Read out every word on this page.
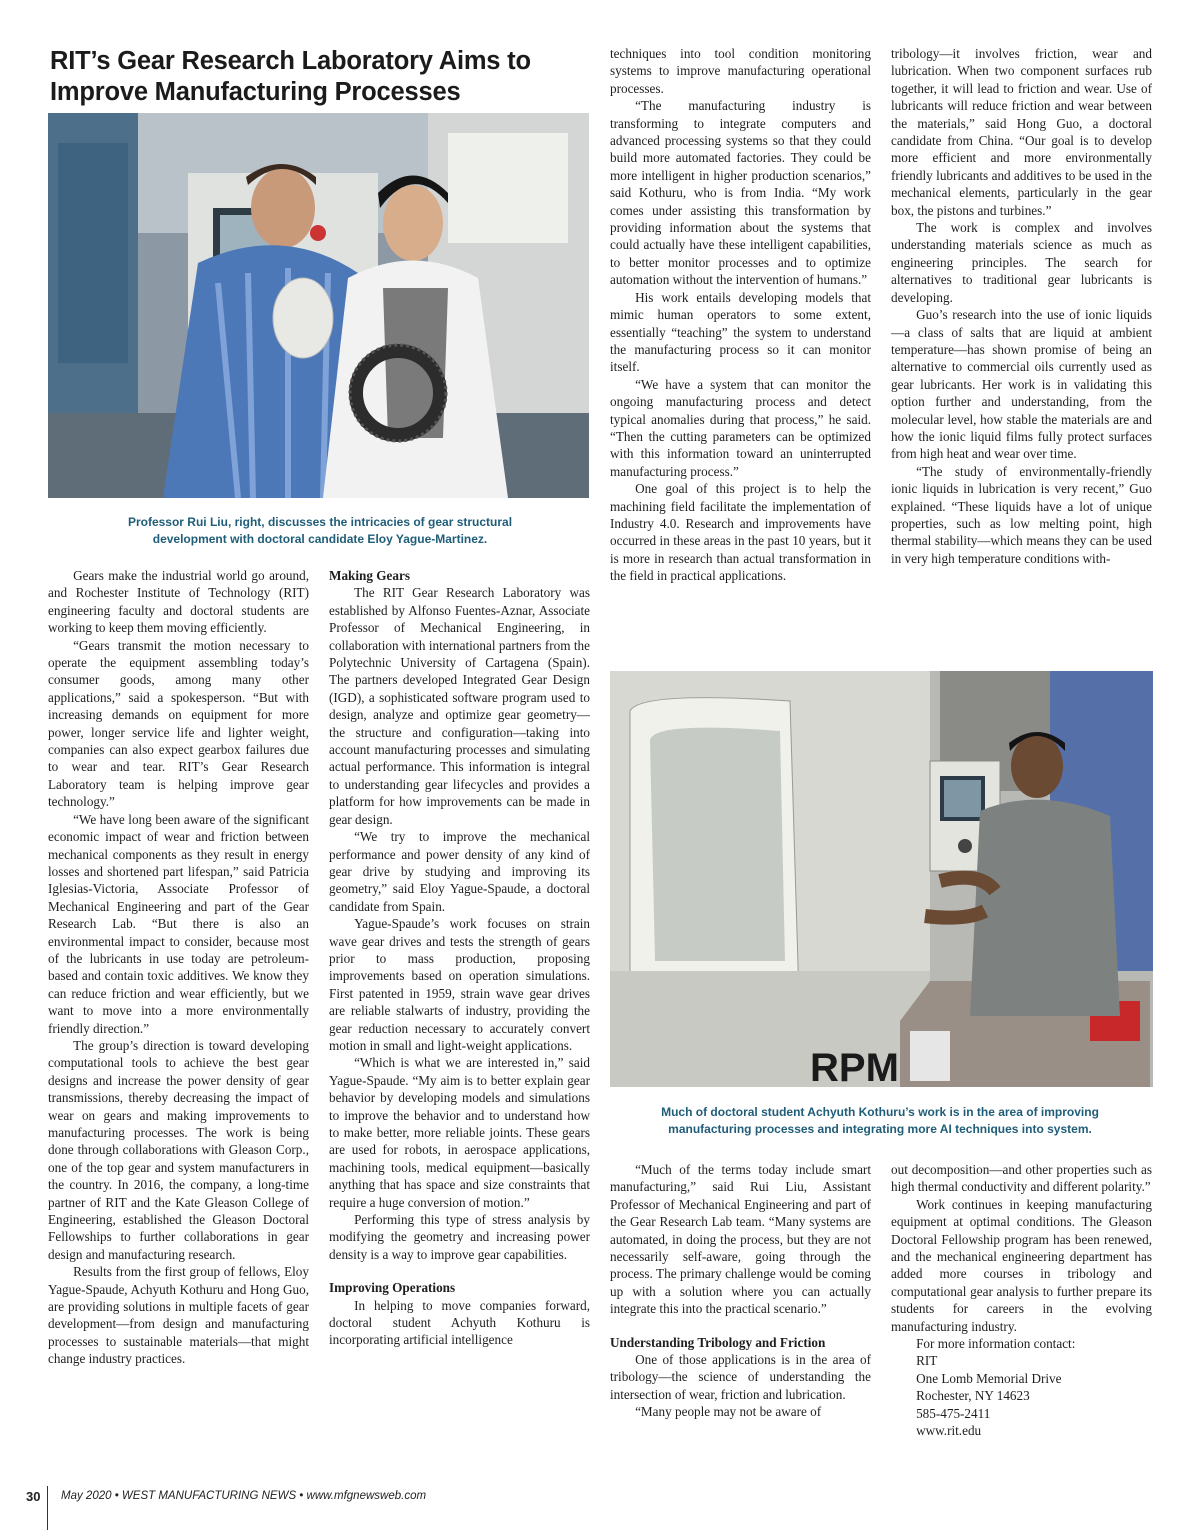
RIT’s Gear Research Laboratory Aims to Improve Manufacturing Processes
Professor Rui Liu, right, discusses the intricacies of gear structural development with doctoral candidate Eloy Yague-Martinez.

Gears make the industrial world go around, and Rochester Institute of Technology (RIT) engineering faculty and doctoral students are working to keep them moving efficiently.

“Gears transmit the motion necessary to operate the equipment assembling today’s consumer goods, among many other applications,” said a spokesperson. “But with increasing demands on equipment for more power, longer service life and lighter weight, companies can also expect gearbox failures due to wear and tear. RIT’s Gear Research Laboratory team is helping improve gear technology.”

“We have long been aware of the significant economic impact of wear and friction between mechanical components as they result in energy losses and shortened part lifespan,” said Patricia Iglesias-Victoria, Associate Professor of Mechanical Engineering and part of the Gear Research Lab. “But there is also an environmental impact to consider, because most of the lubricants in use today are petroleum-based and contain toxic additives. We know they can reduce friction and wear efficiently, but we want to move into a more environmentally friendly direction.”

The group’s direction is toward developing computational tools to achieve the best gear designs and increase the power density of gear transmissions, thereby decreasing the impact of wear on gears and making improvements to manufacturing processes. The work is being done through collaborations with Gleason Corp., one of the top gear and system manufacturers in the country. In 2016, the company, a long-time partner of RIT and the Kate Gleason College of Engineering, established the Gleason Doctoral Fellowships to further collaborations in gear design and manufacturing research.

Results from the first group of fellows, Eloy Yague-Spaude, Achyuth Kothuru and Hong Guo, are providing solutions in multiple facets of gear development—from design and manufacturing processes to sustainable materials—that might change industry practices.

Making Gears

The RIT Gear Research Laboratory was established by Alfonso Fuentes-Aznar, Associate Professor of Mechanical Engineering, in collaboration with international partners from the Polytechnic University of Cartagena (Spain). The partners developed Integrated Gear Design (IGD), a sophisticated software program used to design, analyze and optimize gear geometry—the structure and configuration—taking into account manufacturing processes and simulating actual performance. This information is integral to understanding gear lifecycles and provides a platform for how improvements can be made in gear design.

“We try to improve the mechanical performance and power density of any kind of gear drive by studying and improving its geometry,” said Eloy Yague-Spaude, a doctoral candidate from Spain.

Yague-Spaude’s work focuses on strain wave gear drives and tests the strength of gears prior to mass production, proposing improvements based on operation simulations. First patented in 1959, strain wave gear drives are reliable stalwarts of industry, providing the gear reduction necessary to accurately convert motion in small and light-weight applications.

“Which is what we are interested in,” said Yague-Spaude. “My aim is to better explain gear behavior by developing models and simulations to improve the behavior and to understand how to make better, more reliable joints. These gears are used for robots, in aerospace applications, machining tools, medical equipment—basically anything that has space and size constraints that require a huge conversion of motion.”

Performing this type of stress analysis by modifying the geometry and increasing power density is a way to improve gear capabilities.

Improving Operations

In helping to move companies forward, doctoral student Achyuth Kothuru is incorporating artificial intelligence

techniques into tool condition monitoring systems to improve manufacturing operational processes.

“The manufacturing industry is transforming to integrate computers and advanced processing systems so that they could build more automated factories. They could be more intelligent in higher production scenarios,” said Kothuru, who is from India. “My work comes under assisting this transformation by providing information about the systems that could actually have these intelligent capabilities, to better monitor processes and to optimize automation without the intervention of humans.”

His work entails developing models that mimic human operators to some extent, essentially “teaching” the system to understand the manufacturing process so it can monitor itself.

“We have a system that can monitor the ongoing manufacturing process and detect typical anomalies during that process,” he said. “Then the cutting parameters can be optimized with this information toward an uninterrupted manufacturing process.”

One goal of this project is to help the machining field facilitate the implementation of Industry 4.0. Research and improvements have occurred in these areas in the past 10 years, but it is more in research than actual transformation in the field in practical applications.

tribology—it involves friction, wear and lubrication. When two component surfaces rub together, it will lead to friction and wear. Use of lubricants will reduce friction and wear between the materials,” said Hong Guo, a doctoral candidate from China. “Our goal is to develop more efficient and more environmentally friendly lubricants and additives to be used in the mechanical elements, particularly in the gear box, the pistons and turbines.”

The work is complex and involves understanding materials science as much as engineering principles. The search for alternatives to traditional gear lubricants is developing.

Guo’s research into the use of ionic liquids—a class of salts that are liquid at ambient temperature—has shown promise of being an alternative to commercial oils currently used as gear lubricants. Her work is in validating this option further and understanding, from the molecular level, how stable the materials are and how the ionic liquid films fully protect surfaces from high heat and wear over time.

“The study of environmentally-friendly ionic liquids in lubrication is very recent,” Guo explained. “These liquids have a lot of unique properties, such as low melting point, high thermal stability—which means they can be used in very high temperature conditions with-

RPM
Much of doctoral student Achyuth Kothuru’s work is in the area of improving manufacturing processes and integrating more AI techniques into system.

“Much of the terms today include smart manufacturing,” said Rui Liu, Assistant Professor of Mechanical Engineering and part of the Gear Research Lab team. “Many systems are automated, in doing the process, but they are not necessarily self-aware, going through the process. The primary challenge would be coming up with a solution where you can actually integrate this into the practical scenario.”

Understanding Tribology and Friction

One of those applications is in the area of tribology—the science of understanding the intersection of wear, friction and lubrication.

“Many people may not be aware of

out decomposition—and other properties such as high thermal conductivity and different polarity.”

Work continues in keeping manufacturing equipment at optimal conditions. The Gleason Doctoral Fellowship program has been renewed, and the mechanical engineering department has added more courses in tribology and computational gear analysis to further prepare its students for careers in the evolving manufacturing industry.

For more information contact:
RIT
One Lomb Memorial Drive
Rochester, NY 14623
585-475-2411
www.rit.edu
30 May 2020 • WEST MANUFACTURING NEWS • www.mfgnewsweb.com
